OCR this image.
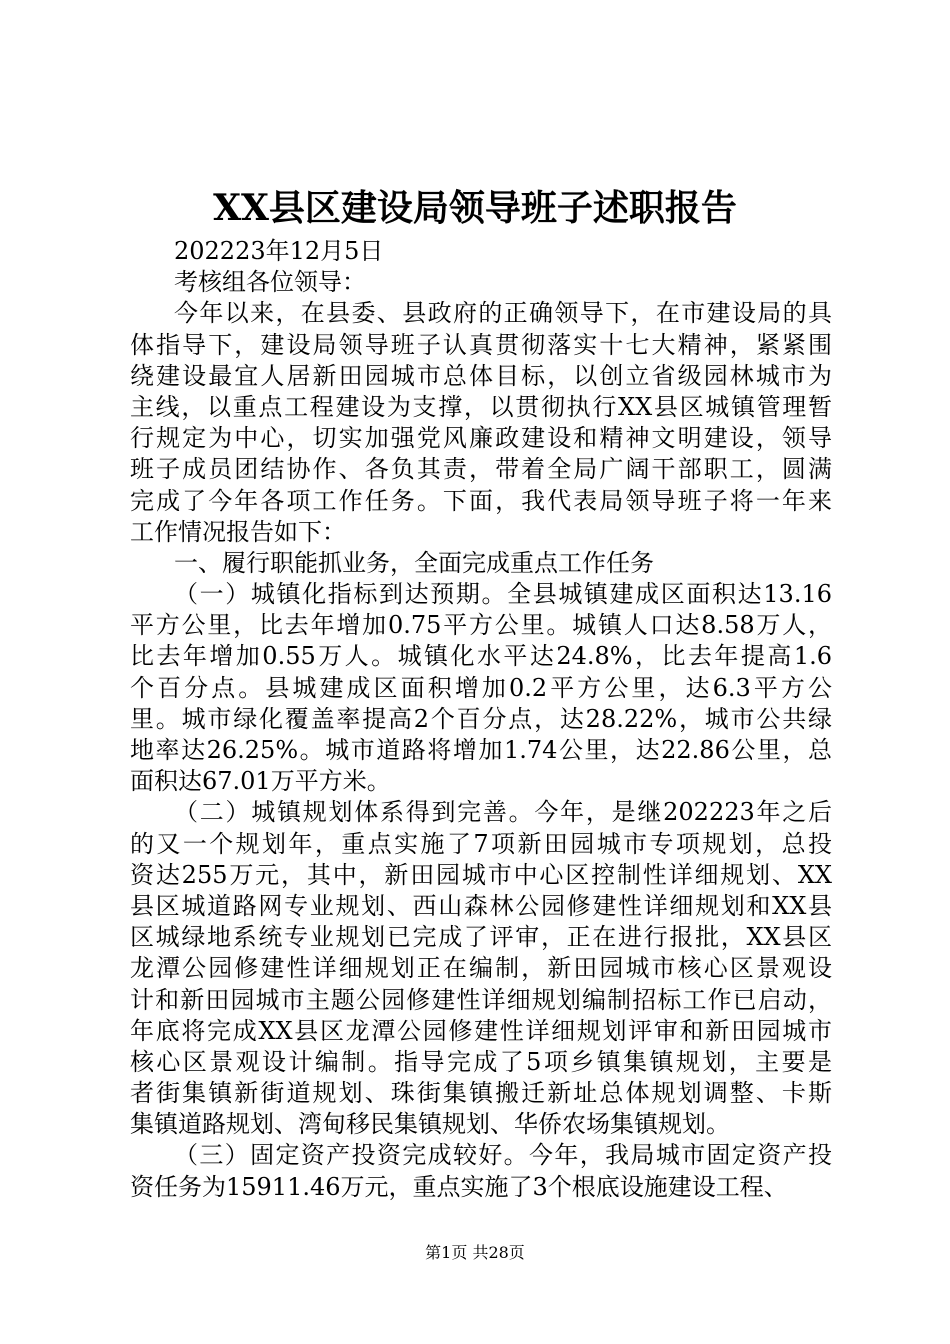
XX县区建设局领导班子述职报告
202223年12月5日
考核组各位领导：
今年以来，在县委、县政府的正确领导下，在市建设局的具
体指导下，建设局领导班子认真贯彻落实十七大精神，紧紧围
绕建设最宜人居新田园城市总体目标，以创立省级园林城市为
主线，以重点工程建设为支撑，以贯彻执行XX县区城镇管理暂
行规定为中心，切实加强党风廉政建设和精神文明建设，领导
班子成员团结协作、各负其责，带着全局广阔干部职工，圆满
完成了今年各项工作任务。下面，我代表局领导班子将一年来
工作情况报告如下：
一、履行职能抓业务，全面完成重点工作任务
（一）城镇化指标到达预期。全县城镇建成区面积达13.16
平方公里，比去年增加0.75平方公里。城镇人口达8.58万人，
比去年增加0.55万人。城镇化水平达24.8%，比去年提高1.6
个百分点。县城建成区面积增加0.2平方公里，达6.3平方公
里。城市绿化覆盖率提高2个百分点，达28.22%，城市公共绿
地率达26.25%。城市道路将增加1.74公里，达22.86公里，总
面积达67.01万平方米。
（二）城镇规划体系得到完善。今年，是继202223年之后
的又一个规划年，重点实施了7项新田园城市专项规划，总投
资达255万元，其中，新田园城市中心区控制性详细规划、XX
县区城道路网专业规划、西山森林公园修建性详细规划和XX县
区城绿地系统专业规划已完成了评审，正在进行报批，XX县区
龙潭公园修建性详细规划正在编制，新田园城市核心区景观设
计和新田园城市主题公园修建性详细规划编制招标工作已启动，
年底将完成XX县区龙潭公园修建性详细规划评审和新田园城市
核心区景观设计编制。指导完成了5项乡镇集镇规划，主要是
者街集镇新街道规划、珠街集镇搬迁新址总体规划调整、卡斯
集镇道路规划、湾甸移民集镇规划、华侨农场集镇规划。
（三）固定资产投资完成较好。今年，我局城市固定资产投
资任务为15911.46万元，重点实施了3个根底设施建设工程、
第1页 共28页
